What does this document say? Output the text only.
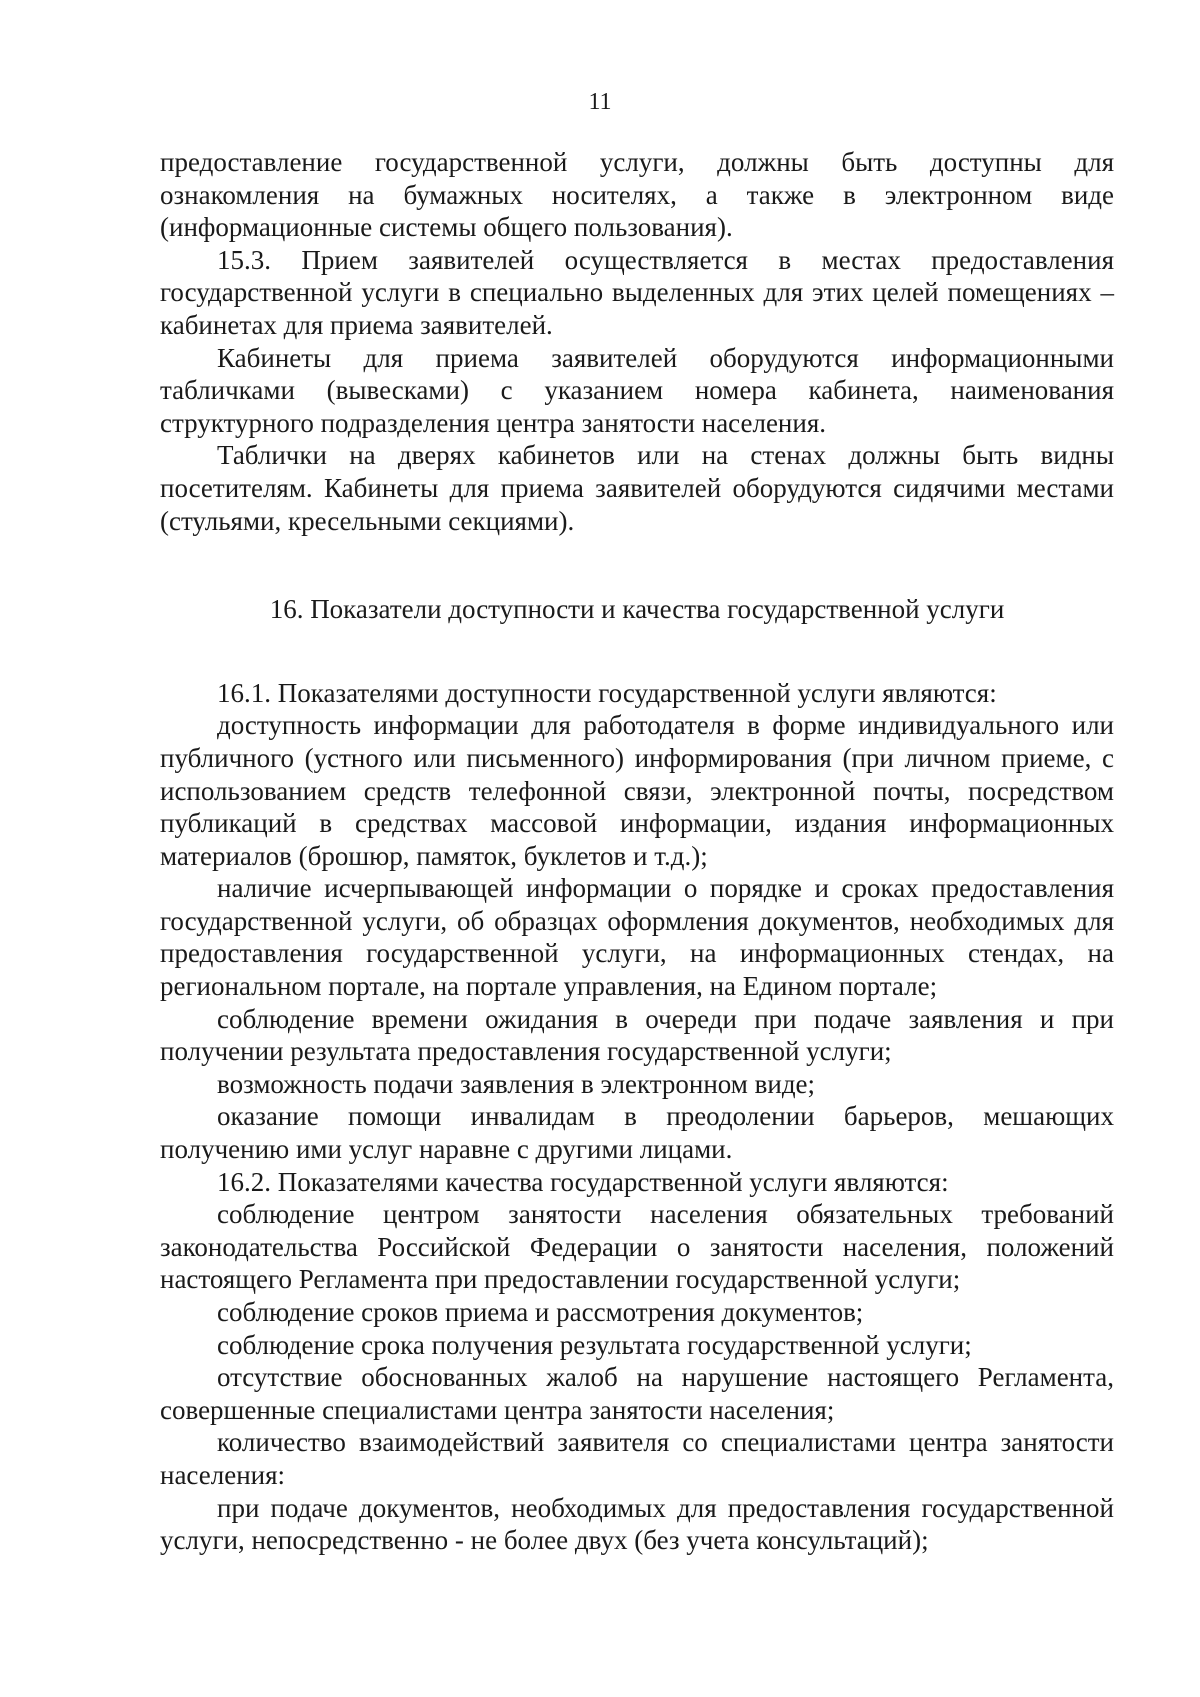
11

предоставление государственной услуги, должны быть доступны для ознакомления на бумажных носителях, а также в электронном виде (информационные системы общего пользования).

15.3. Прием заявителей осуществляется в местах предоставления государственной услуги в специально выделенных для этих целей помещениях – кабинетах для приема заявителей.

Кабинеты для приема заявителей оборудуются информационными табличками (вывесками) с указанием номера кабинета, наименования структурного подразделения центра занятости населения.

Таблички на дверях кабинетов или на стенах должны быть видны посетителям. Кабинеты для приема заявителей оборудуются сидячими местами (стульями, кресельными секциями).

16. Показатели доступности и качества государственной услуги

16.1. Показателями доступности государственной услуги являются:

доступность информации для работодателя в форме индивидуального или публичного (устного или письменного) информирования (при личном приеме, с использованием средств телефонной связи, электронной почты, посредством публикаций в средствах массовой информации, издания информационных материалов (брошюр, памяток, буклетов и т.д.);

наличие исчерпывающей информации о порядке и сроках предоставления государственной услуги, об образцах оформления документов, необходимых для предоставления государственной услуги, на информационных стендах, на региональном портале, на портале управления, на Едином портале;

соблюдение времени ожидания в очереди при подаче заявления и при получении результата предоставления государственной услуги;

возможность подачи заявления в электронном виде;

оказание помощи инвалидам в преодолении барьеров, мешающих получению ими услуг наравне с другими лицами.

16.2. Показателями качества государственной услуги являются:

соблюдение центром занятости населения обязательных требований законодательства Российской Федерации о занятости населения, положений настоящего Регламента при предоставлении государственной услуги;

соблюдение сроков приема и рассмотрения документов;

соблюдение срока получения результата государственной услуги;

отсутствие обоснованных жалоб на нарушение настоящего Регламента, совершенные специалистами центра занятости населения;

количество взаимодействий заявителя со специалистами центра занятости населения:

при подаче документов, необходимых для предоставления государственной услуги, непосредственно - не более двух (без учета консультаций);
